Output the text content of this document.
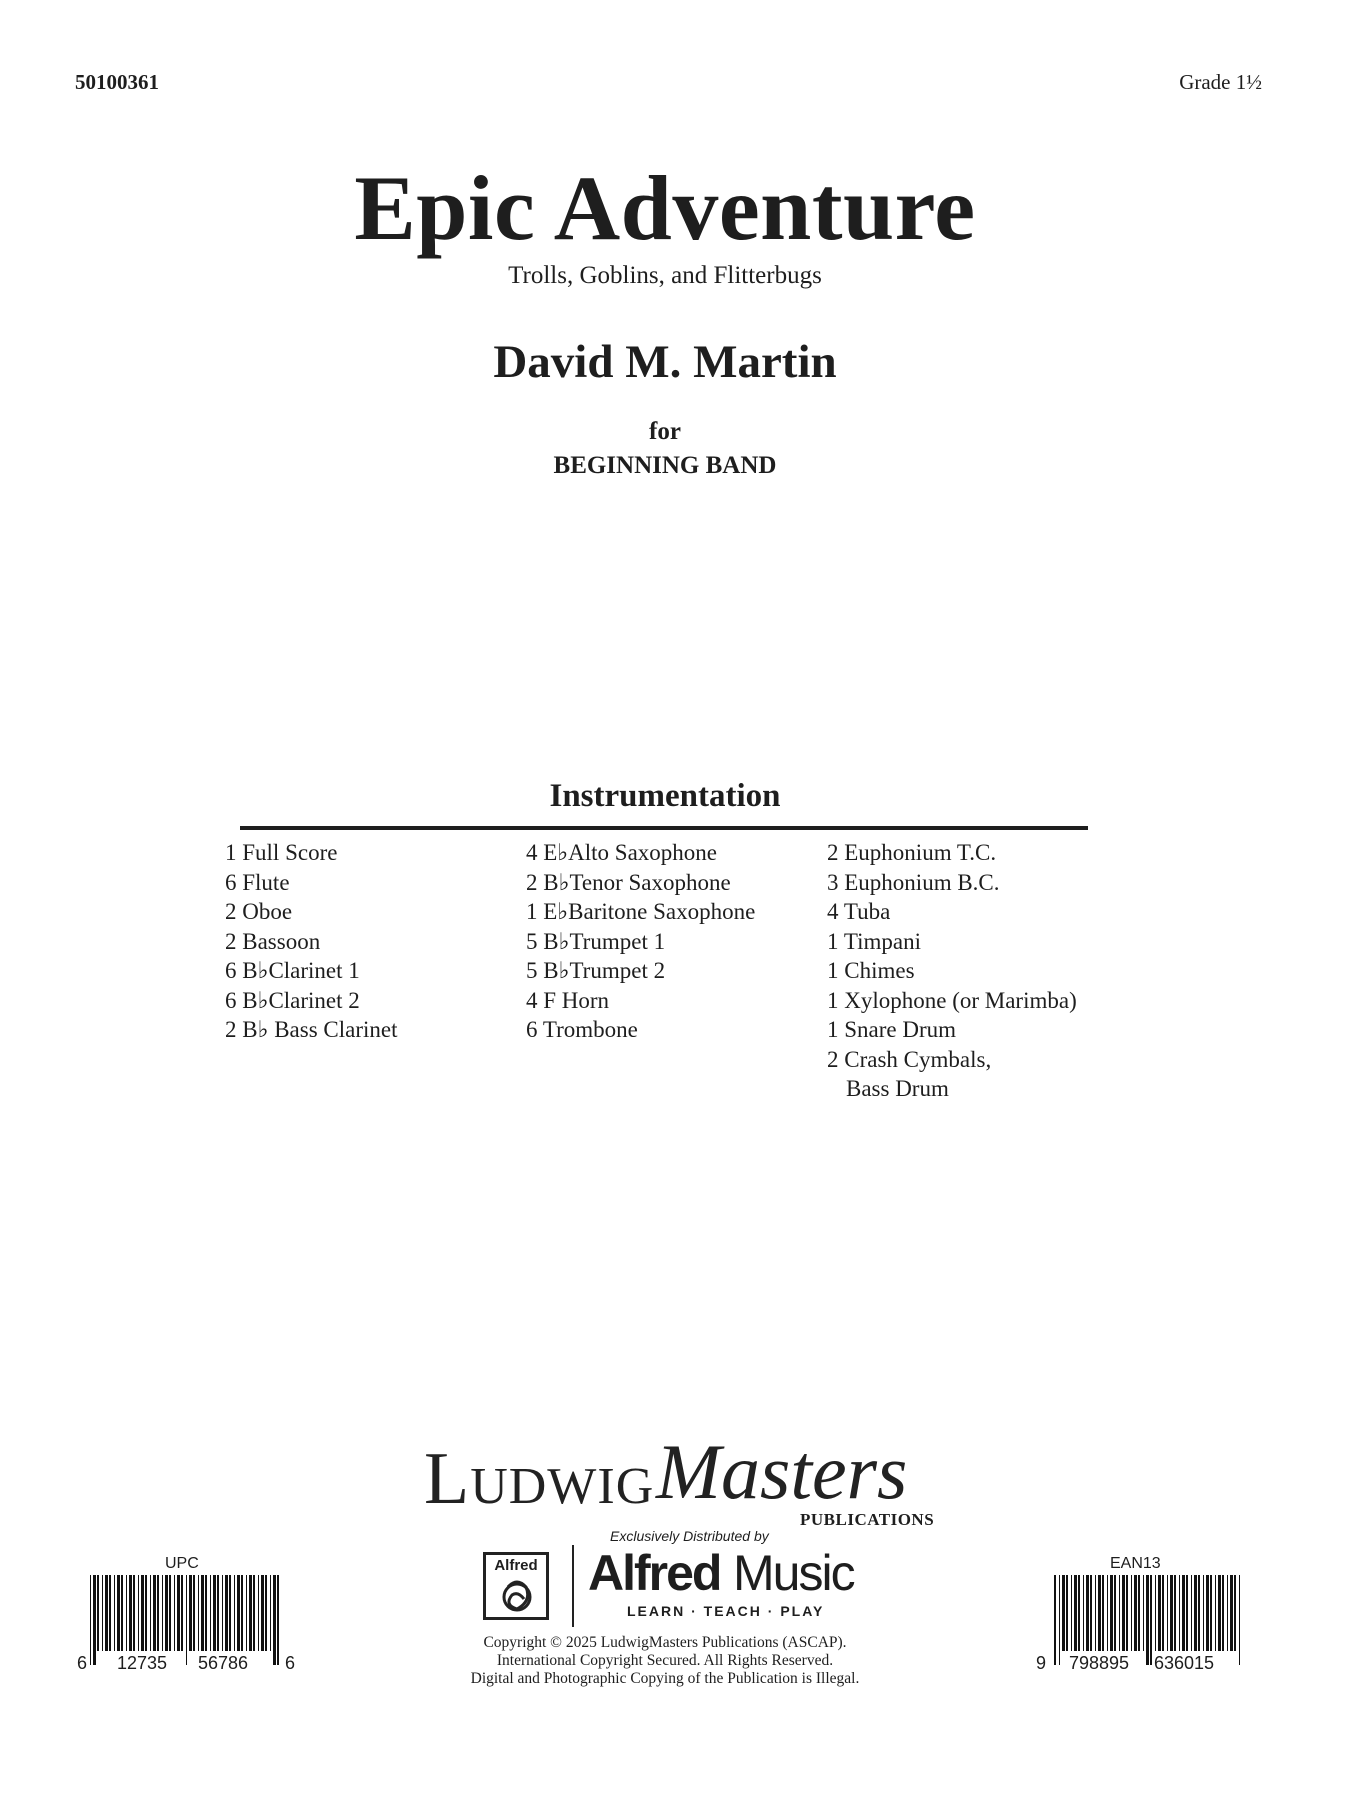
50100361	Grade 1½
Epic Adventure
Trolls, Goblins, and Flitterbugs
David M. Martin
for
BEGINNING BAND
Instrumentation
1 Full Score
6 Flute
2 Oboe
2 Bassoon
6 B♭Clarinet 1
6 B♭Clarinet 2
2 B♭ Bass Clarinet
4 E♭Alto Saxophone
2 B♭Tenor Saxophone
1 E♭Baritone Saxophone
5 B♭Trumpet 1
5 B♭Trumpet 2
4 F Horn
6 Trombone
2 Euphonium T.C.
3 Euphonium B.C.
4 Tuba
1 Timpani
1 Chimes
1 Xylophone (or Marimba)
1 Snare Drum
2 Crash Cymbals,
Bass Drum
Ludwig Masters
PUBLICATIONS
Exclusively Distributed by
Alfred Alfred Music
LEARN · TEACH · PLAY
Copyright © 2025 LudwigMasters Publications (ASCAP).
International Copyright Secured. All Rights Reserved.
Digital and Photographic Copying of the Publication is Illegal.
UPC
6 12735 56786 6
EAN13
9 798895 636015
